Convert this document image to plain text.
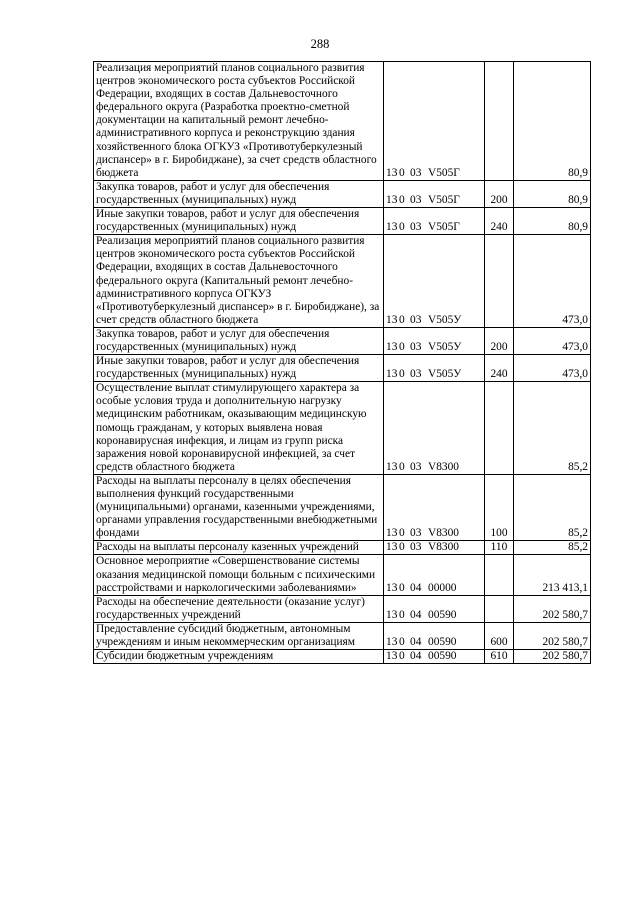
288
Реализация мероприятий планов социального развития центров экономического роста субъектов Российской Федерации, входящих в состав Дальневосточного федерального округа (Разработка проектно-сметной документации на капитальный ремонт лечебно-административного корпуса и реконструкцию здания хозяйственного блока ОГКУЗ «Противотуберкулезный диспансер» в г. Биробиджане), за счет средств областного бюджета	13 0 03 V505Г		80,9
Закупка товаров, работ и услуг для обеспечения государственных (муниципальных) нужд	13 0 03 V505Г	200	80,9
Иные закупки товаров, работ и услуг для обеспечения государственных (муниципальных) нужд	13 0 03 V505Г	240	80,9
Реализация мероприятий планов социального развития центров экономического роста субъектов Российской Федерации, входящих в состав Дальневосточного федерального округа (Капитальный ремонт лечебно-административного корпуса ОГКУЗ «Противотуберкулезный диспансер» в г. Биробиджане), за счет средств областного бюджета	13 0 03 V505У		473,0
Закупка товаров, работ и услуг для обеспечения государственных (муниципальных) нужд	13 0 03 V505У	200	473,0
Иные закупки товаров, работ и услуг для обеспечения государственных (муниципальных) нужд	13 0 03 V505У	240	473,0
Осуществление выплат стимулирующего характера за особые условия труда и дополнительную нагрузку медицинским работникам, оказывающим медицинскую помощь гражданам, у которых выявлена новая коронавирусная инфекция, и лицам из групп риска заражения новой коронавирусной инфекцией, за счет средств областного бюджета	13 0 03 V8300		85,2
Расходы на выплаты персоналу в целях обеспечения выполнения функций государственными (муниципальными) органами, казенными учреждениями, органами управления государственными внебюджетными фондами	13 0 03 V8300	100	85,2
Расходы на выплаты персоналу казенных учреждений	13 0 03 V8300	110	85,2
Основное мероприятие «Совершенствование системы оказания медицинской помощи больным с психическими расстройствами и наркологическими заболеваниями»	13 0 04 00000		213 413,1
Расходы на обеспечение деятельности (оказание услуг) государственных учреждений	13 0 04 00590		202 580,7
Предоставление субсидий бюджетным, автономным учреждениям и иным некоммерческим организациям	13 0 04 00590	600	202 580,7
Субсидии бюджетным учреждениям	13 0 04 00590	610	202 580,7
